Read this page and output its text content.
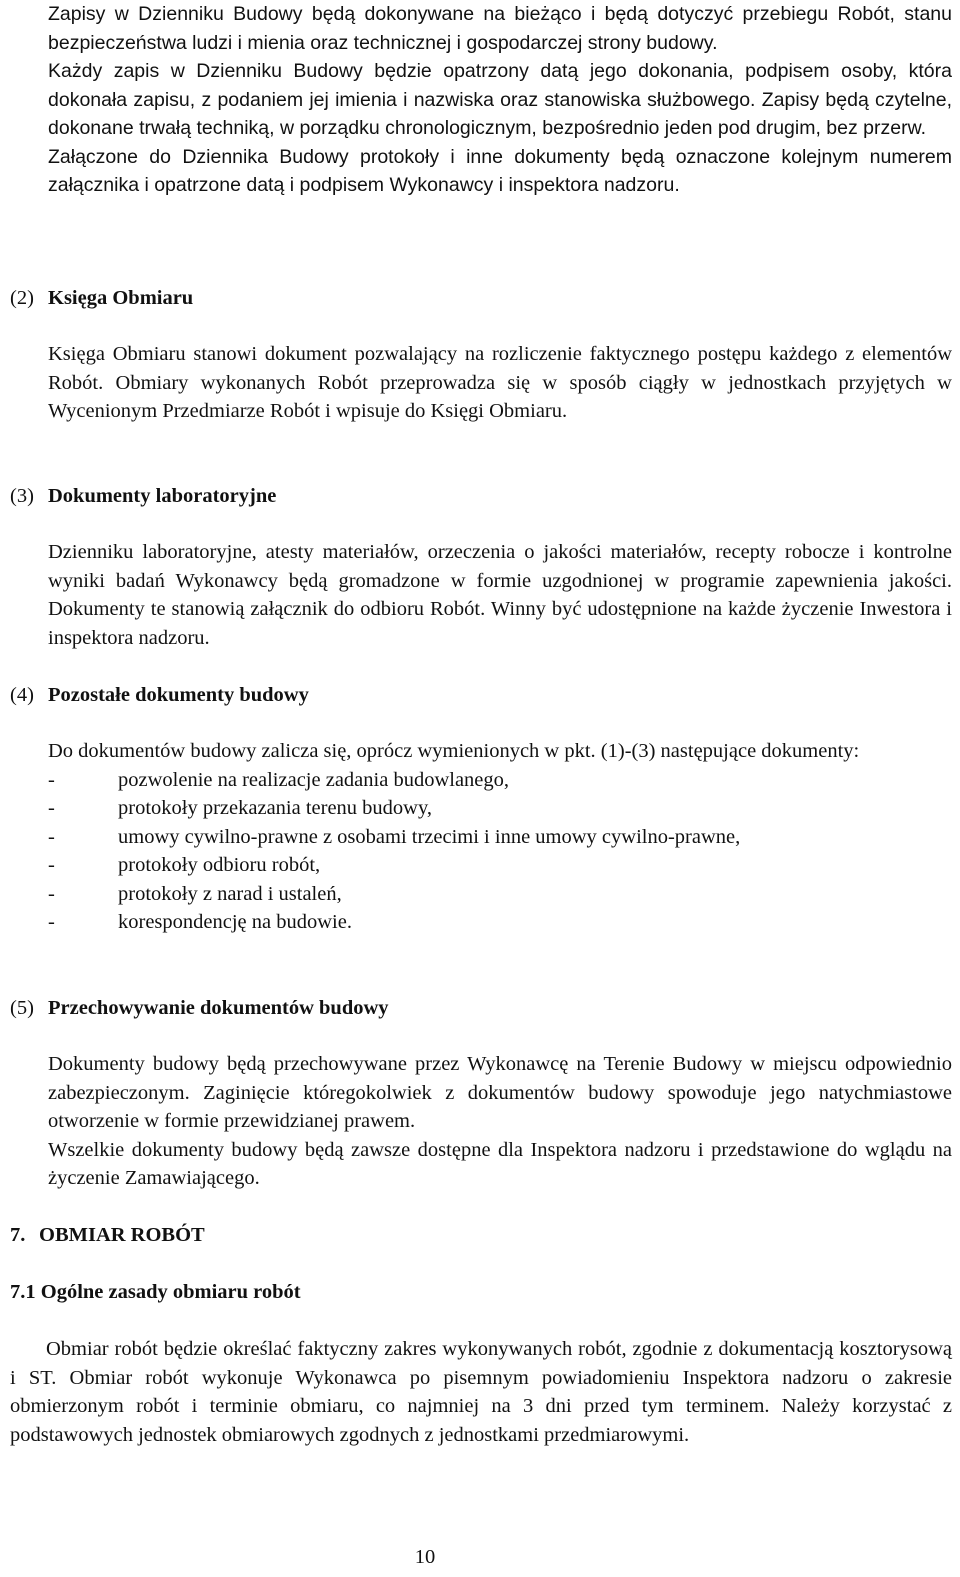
Zapisy w Dzienniku Budowy będą dokonywane na bieżąco i będą dotyczyć przebiegu Robót, stanu bezpieczeństwa ludzi i mienia oraz technicznej i gospodarczej strony budowy.

Każdy zapis w Dzienniku Budowy będzie opatrzony datą jego dokonania, podpisem osoby, która dokonała zapisu, z podaniem jej imienia i nazwiska oraz stanowiska służbowego. Zapisy będą czytelne, dokonane trwałą techniką, w porządku chronologicznym, bezpośrednio jeden pod drugim, bez przerw.

Załączone do Dziennika Budowy protokoły i inne dokumenty będą oznaczone kolejnym numerem załącznika i opatrzone datą i podpisem Wykonawcy i inspektora nadzoru.

(2) Księga Obmiaru

Księga Obmiaru stanowi dokument pozwalający na rozliczenie faktycznego postępu każdego z elementów Robót. Obmiary wykonanych Robót przeprowadza się w sposób ciągły w jednostkach przyjętych w Wycenionym Przedmiarze Robót i wpisuje do Księgi Obmiaru.

(3) Dokumenty laboratoryjne

Dzienniku laboratoryjne, atesty materiałów, orzeczenia o jakości materiałów, recepty robocze i kontrolne wyniki badań Wykonawcy będą gromadzone w formie uzgodnionej w programie zapewnienia jakości. Dokumenty te stanowią załącznik do odbioru Robót. Winny być udostępnione na każde życzenie Inwestora i inspektora nadzoru.

(4) Pozostałe dokumenty budowy

Do dokumentów budowy zalicza się, oprócz wymienionych w pkt. (1)-(3) następujące dokumenty:

-	pozwolenie na realizacje zadania budowlanego,
-	protokoły przekazania terenu budowy,
-	umowy cywilno-prawne z osobami trzecimi i inne umowy cywilno-prawne,
-	protokoły odbioru robót,
-	protokoły z narad i ustaleń,
-	korespondencję na budowie.
(5) Przechowywanie dokumentów budowy

Dokumenty budowy będą przechowywane przez Wykonawcę na Terenie Budowy w miejscu odpowiednio zabezpieczonym. Zaginięcie któregokolwiek z dokumentów budowy spowoduje jego natychmiastowe otworzenie w formie przewidzianej prawem.

Wszelkie dokumenty budowy będą zawsze dostępne dla Inspektora nadzoru i przedstawione do wglądu na życzenie Zamawiającego.

7. OBMIAR ROBÓT
7.1 Ogólne zasady obmiaru robót

Obmiar robót będzie określać faktyczny zakres wykonywanych robót, zgodnie z dokumentacją kosztorysową i ST. Obmiar robót wykonuje Wykonawca po pisemnym powiadomieniu Inspektora nadzoru o zakresie obmierzonym robót i terminie obmiaru, co najmniej na 3 dni przed tym terminem. Należy korzystać z podstawowych jednostek obmiarowych zgodnych z jednostkami przedmiarowymi.

10
